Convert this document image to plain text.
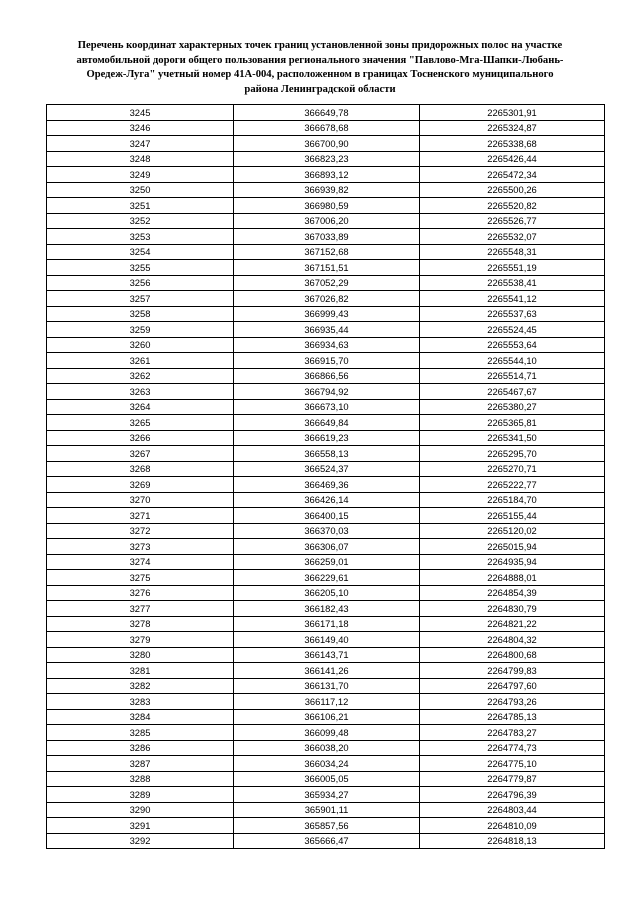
Перечень координат характерных точек границ установленной зоны придорожных полос на участке
автомобильной дороги общего пользования регионального значения "Павлово-Мга-Шапки-Любань-
Оредеж-Луга" учетный номер 41А-004, расположенном в границах Тосненского муниципального
района Ленинградской области
3245	366649,78	2265301,91
3246	366678,68	2265324,87
3247	366700,90	2265338,68
3248	366823,23	2265426,44
3249	366893,12	2265472,34
3250	366939,82	2265500,26
3251	366980,59	2265520,82
3252	367006,20	2265526,77
3253	367033,89	2265532,07
3254	367152,68	2265548,31
3255	367151,51	2265551,19
3256	367052,29	2265538,41
3257	367026,82	2265541,12
3258	366999,43	2265537,63
3259	366935,44	2265524,45
3260	366934,63	2265553,64
3261	366915,70	2265544,10
3262	366866,56	2265514,71
3263	366794,92	2265467,67
3264	366673,10	2265380,27
3265	366649,84	2265365,81
3266	366619,23	2265341,50
3267	366558,13	2265295,70
3268	366524,37	2265270,71
3269	366469,36	2265222,77
3270	366426,14	2265184,70
3271	366400,15	2265155,44
3272	366370,03	2265120,02
3273	366306,07	2265015,94
3274	366259,01	2264935,94
3275	366229,61	2264888,01
3276	366205,10	2264854,39
3277	366182,43	2264830,79
3278	366171,18	2264821,22
3279	366149,40	2264804,32
3280	366143,71	2264800,68
3281	366141,26	2264799,83
3282	366131,70	2264797,60
3283	366117,12	2264793,26
3284	366106,21	2264785,13
3285	366099,48	2264783,27
3286	366038,20	2264774,73
3287	366034,24	2264775,10
3288	366005,05	2264779,87
3289	365934,27	2264796,39
3290	365901,11	2264803,44
3291	365857,56	2264810,09
3292	365666,47	2264818,13
